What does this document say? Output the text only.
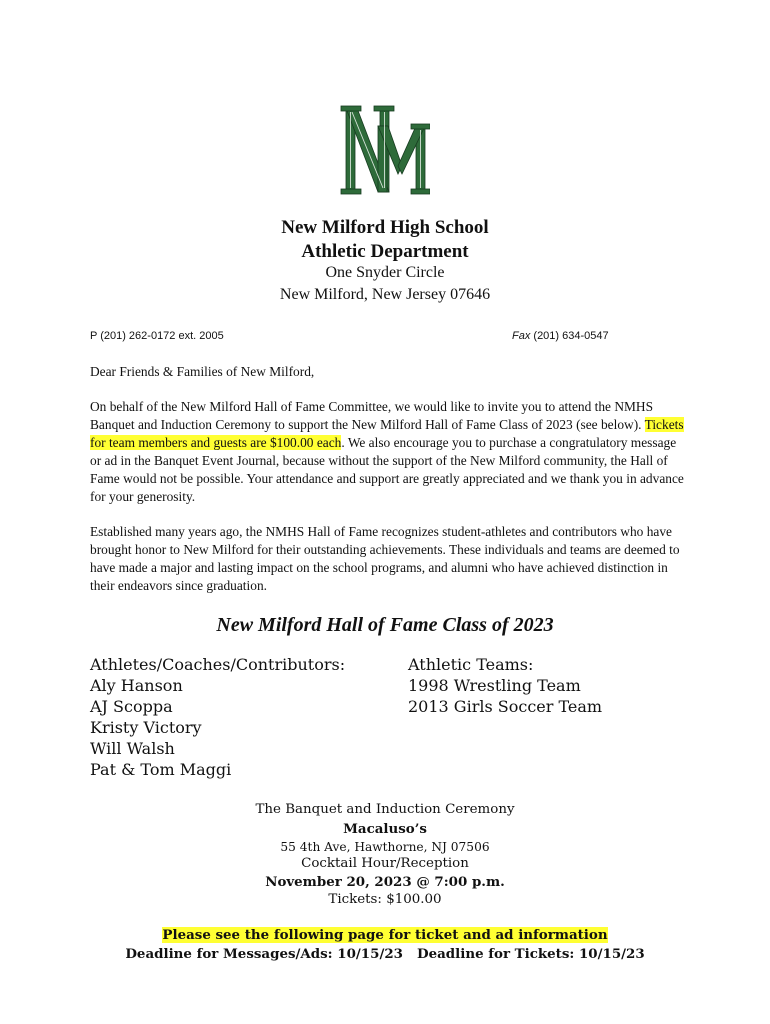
New Milford High School
Athletic Department
One Snyder Circle
New Milford, New Jersey 07646
P (201) 262-0172 ext. 2005	Fax (201) 634-0547
Dear Friends & Families of New Milford,
On behalf of the New Milford Hall of Fame Committee, we would like to invite you to attend the NMHS Banquet and Induction Ceremony to support the New Milford Hall of Fame Class of 2023 (see below). Tickets for team members and guests are $100.00 each. We also encourage you to purchase a congratulatory message or ad in the Banquet Event Journal, because without the support of the New Milford community, the Hall of Fame would not be possible. Your attendance and support are greatly appreciated and we thank you in advance for your generosity.
Established many years ago, the NMHS Hall of Fame recognizes student-athletes and contributors who have brought honor to New Milford for their outstanding achievements. These individuals and teams are deemed to have made a major and lasting impact on the school programs, and alumni who have achieved distinction in their endeavors since graduation.
New Milford Hall of Fame Class of 2023
Athletes/Coaches/Contributors:
Aly Hanson
AJ Scoppa
Kristy Victory
Will Walsh
Pat & Tom Maggi
Athletic Teams:
1998 Wrestling Team
2013 Girls Soccer Team
The Banquet and Induction Ceremony
Macaluso’s
55 4th Ave, Hawthorne, NJ 07506
Cocktail Hour/Reception
November 20, 2023 @ 7:00 p.m.
Tickets: $100.00
Please see the following page for ticket and ad information
Deadline for Messages/Ads: 10/15/23 Deadline for Tickets: 10/15/23
